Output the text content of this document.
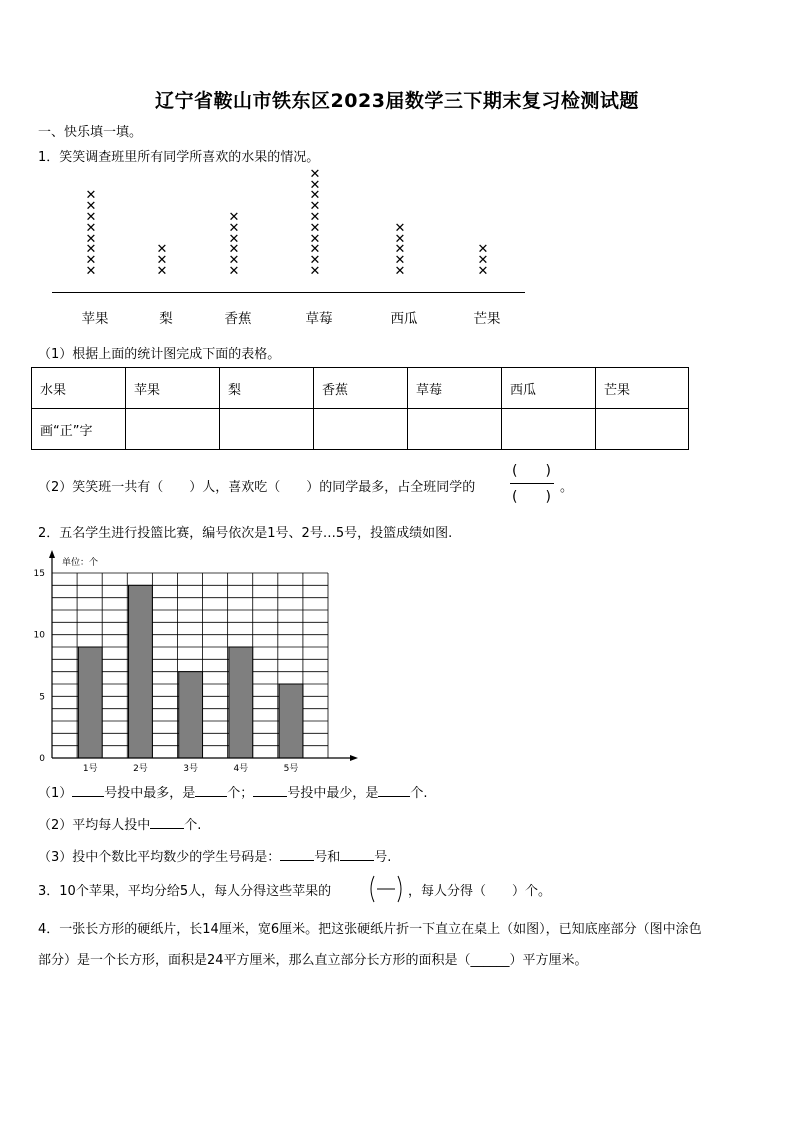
辽宁省鞍山市铁东区2023届数学三下期末复习检测试题
一、快乐填一填。
1．笑笑调查班里所有同学所喜欢的水果的情况。
✕
✕
✕
✕
✕
✕
✕
✕
苹果
✕
✕
✕
梨
✕
✕
✕
✕
✕
✕
香蕉
✕
✕
✕
✕
✕
✕
✕
✕
✕
✕
草莓
✕
✕
✕
✕
✕
西瓜
✕
✕
✕
芒果
（1）根据上面的统计图完成下面的表格。
水果	苹果	梨	香蕉	草莓	西瓜	芒果
画“正”字						
（2）笑笑班一共有（　　）人，喜欢吃（　　）的同学最多，占全班同学的
(　　)
(　　)
。
2．五名学生进行投篮比赛，编号依次是1号、2号…5号，投篮成绩如图.
1号	2号	3号	4号	5号
0
5
10
15
单位：个
（1） 号投中最多，是 个；	号投中最少，是 个.
（2）平均每人投中	个.
（3）投中个数比平均数少的学生号码是：	号和	号.
3．10个苹果，平均分给5人，每人分得这些苹果的	，每人分得（　　）个。
4．一张长方形的硬纸片，长14厘米，宽6厘米。把这张硬纸片折一下直立在桌上（如图），已知底座部分（图中涂色
部分）是一个长方形，面积是24平方厘米，那么直立部分长方形的面积是（______）平方厘米。
